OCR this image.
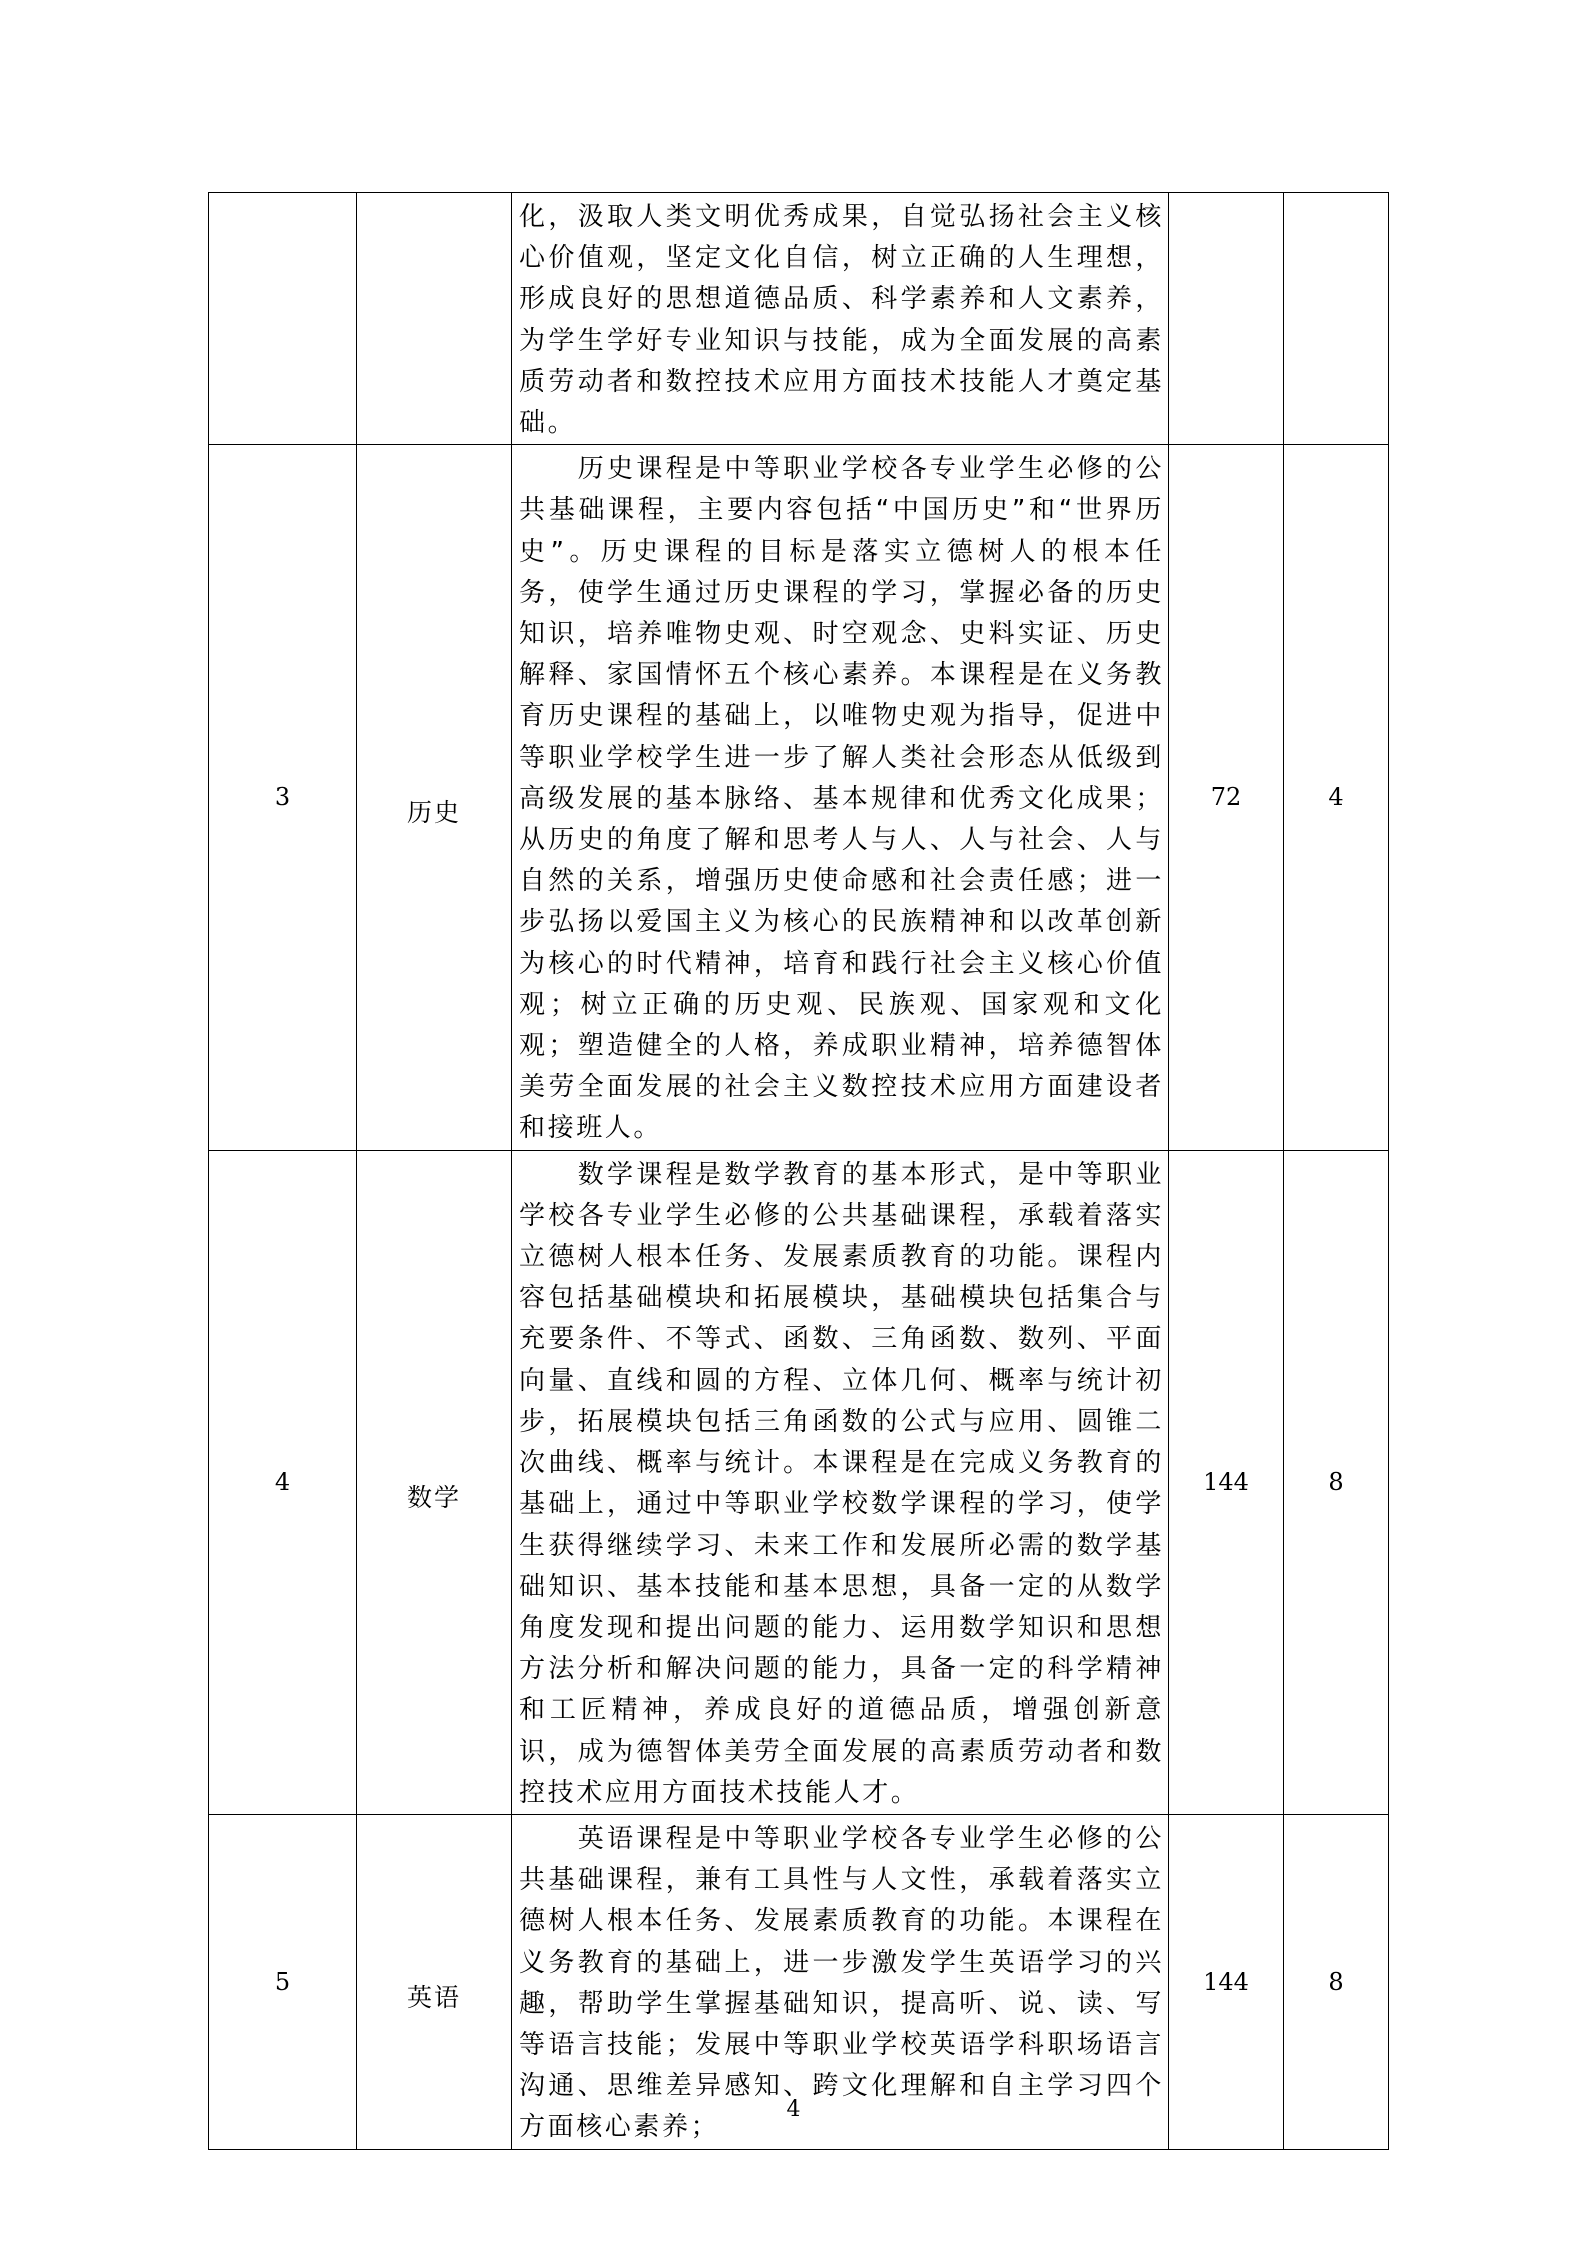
		化，汲取人类文明优秀成果，自觉弘扬社会主义核心价值观，坚定文化自信，树立正确的人生理想，形成良好的思想道德品质、科学素养和人文素养，为学生学好专业知识与技能，成为全面发展的高素质劳动者和数控技术应用方面技术技能人才奠定基础。		

3	历史	　　历史课程是中等职业学校各专业学生必修的公共基础课程，主要内容包括“中国历史”和“世界历史”。历史课程的目标是落实立德树人的根本任务，使学生通过历史课程的学习，掌握必备的历史知识，培养唯物史观、时空观念、史料实证、历史解释、家国情怀五个核心素养。本课程是在义务教育历史课程的基础上，以唯物史观为指导，促进中等职业学校学生进一步了解人类社会形态从低级到高级发展的基本脉络、基本规律和优秀文化成果；从历史的角度了解和思考人与人、人与社会、人与自然的关系，增强历史使命感和社会责任感；进一步弘扬以爱国主义为核心的民族精神和以改革创新为核心的时代精神，培育和践行社会主义核心价值观；树立正确的历史观、民族观、国家观和文化观；塑造健全的人格，养成职业精神，培养德智体美劳全面发展的社会主义数控技术应用方面建设者和接班人。	72	4
4	数学	　　数学课程是数学教育的基本形式，是中等职业学校各专业学生必修的公共基础课程，承载着落实立德树人根本任务、发展素质教育的功能。课程内容包括基础模块和拓展模块，基础模块包括集合与充要条件、不等式、函数、三角函数、数列、平面向量、直线和圆的方程、立体几何、概率与统计初步，拓展模块包括三角函数的公式与应用、圆锥二次曲线、概率与统计。本课程是在完成义务教育的基础上，通过中等职业学校数学课程的学习，使学生获得继续学习、未来工作和发展所必需的数学基础知识、基本技能和基本思想，具备一定的从数学角度发现和提出问题的能力、运用数学知识和思想方法分析和解决问题的能力，具备一定的科学精神和工匠精神，养成良好的道德品质，增强创新意识，成为德智体美劳全面发展的高素质劳动者和数控技术应用方面技术技能人才。	144	8
5	英语	　　英语课程是中等职业学校各专业学生必修的公共基础课程，兼有工具性与人文性，承载着落实立德树人根本任务、发展素质教育的功能。本课程在义务教育的基础上，进一步激发学生英语学习的兴趣，帮助学生掌握基础知识，提高听、说、读、写等语言技能；发展中等职业学校英语学科职场语言沟通、思维差异感知、跨文化理解和自主学习四个方面核心素养；	144	8
4
